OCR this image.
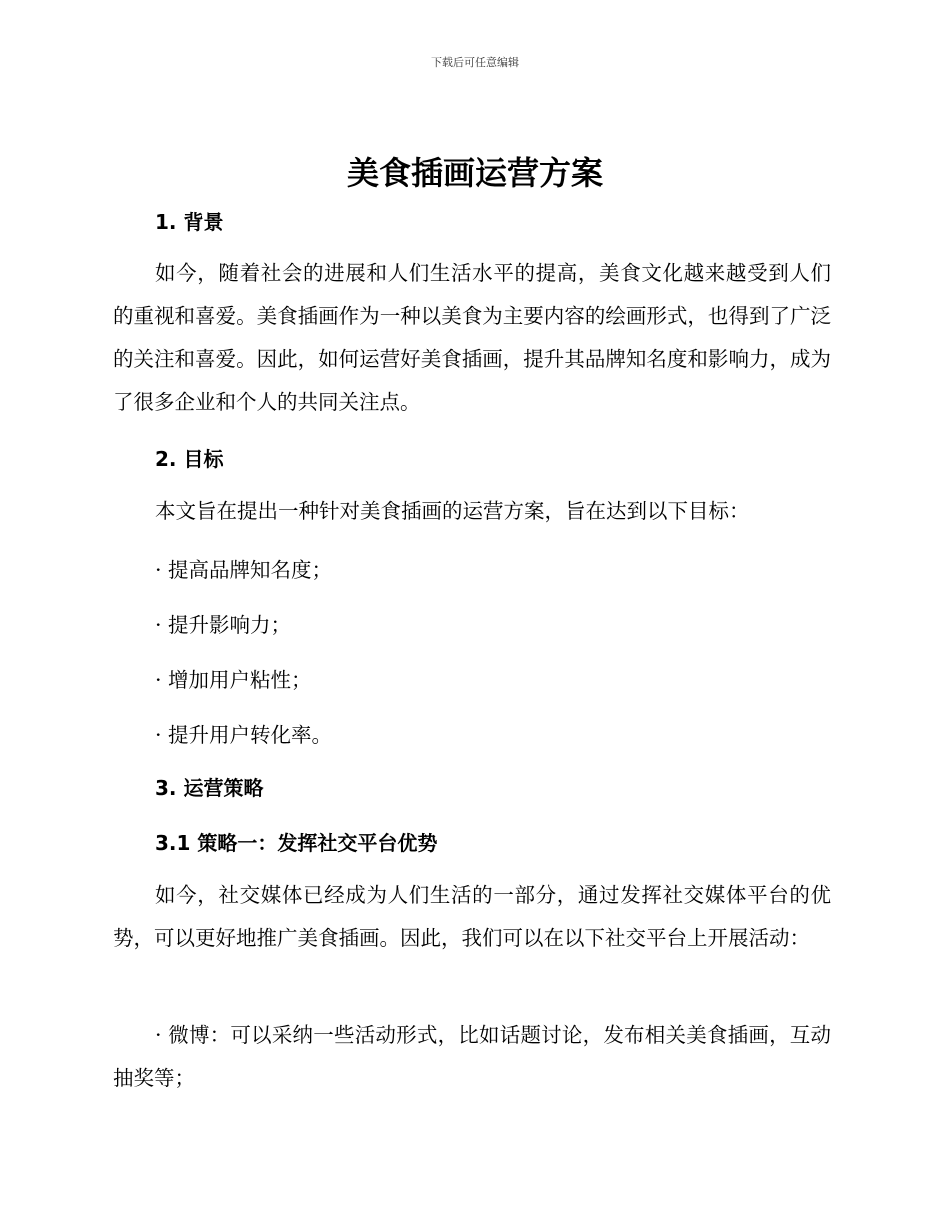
下载后可任意编辑
美食插画运营方案
1. 背景

如今，随着社会的进展和人们生活水平的提高，美食文化越来越受到人们的重视和喜爱。美食插画作为一种以美食为主要内容的绘画形式，也得到了广泛的关注和喜爱。因此，如何运营好美食插画，提升其品牌知名度和影响力，成为了很多企业和个人的共同关注点。

2. 目标

本文旨在提出一种针对美食插画的运营方案，旨在达到以下目标：

· 提高品牌知名度；

· 提升影响力；

· 增加用户粘性；

· 提升用户转化率。

3. 运营策略
3.1 策略一：发挥社交平台优势

如今，社交媒体已经成为人们生活的一部分，通过发挥社交媒体平台的优势，可以更好地推广美食插画。因此，我们可以在以下社交平台上开展活动：

· 微博：可以采纳一些活动形式，比如话题讨论，发布相关美食插画，互动抽奖等；
